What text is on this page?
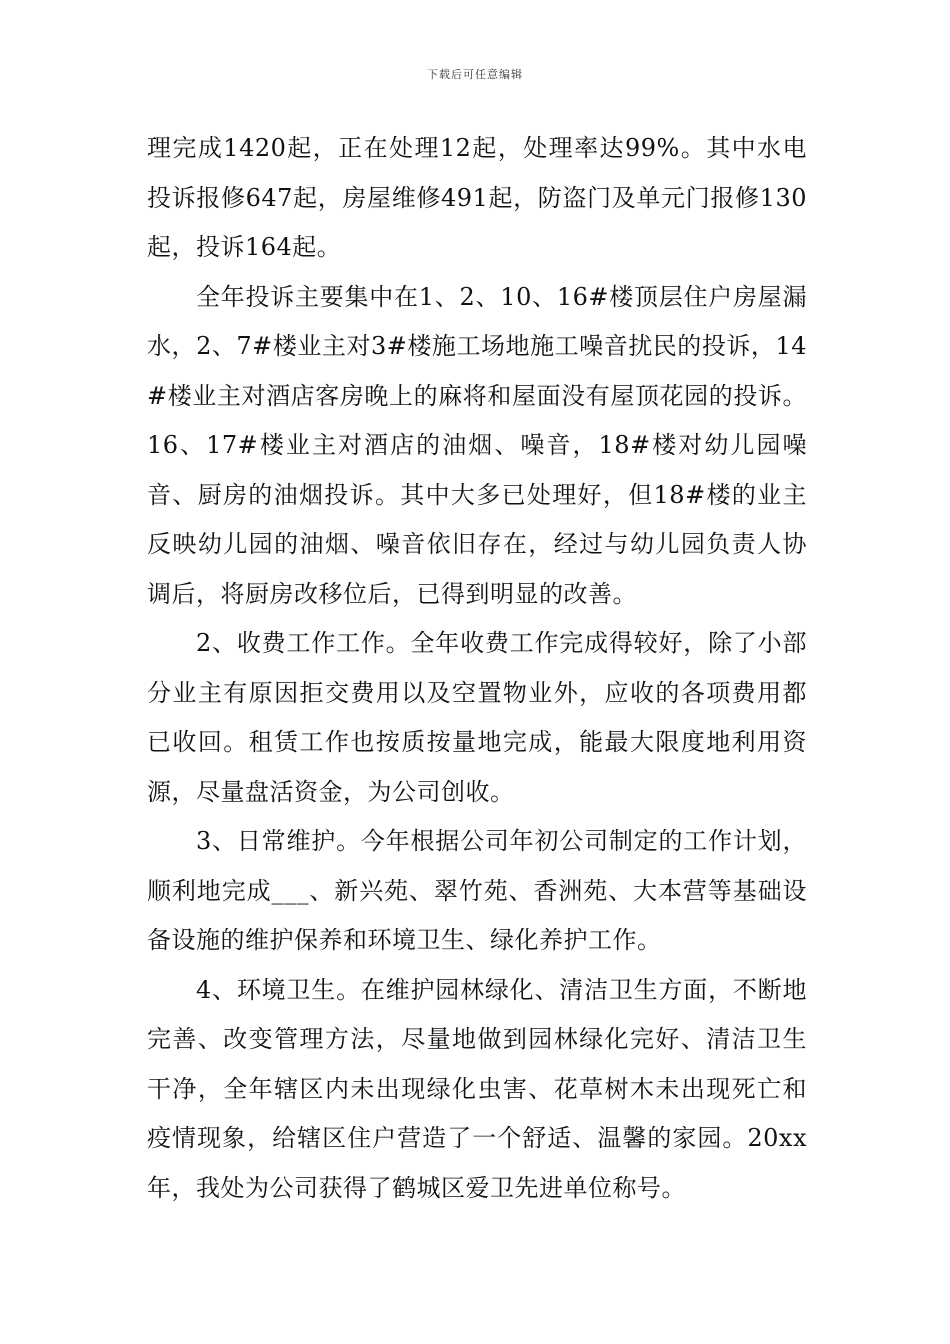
下载后可任意编辑

理完成1420起，正在处理12起，处理率达99%。其中水电投诉报修647起，房屋维修491起，防盗门及单元门报修130起，投诉164起。

全年投诉主要集中在1、2、10、16#楼顶层住户房屋漏水，2、7#楼业主对3#楼施工场地施工噪音扰民的投诉，14#楼业主对酒店客房晚上的麻将和屋面没有屋顶花园的投诉。16、17#楼业主对酒店的油烟、噪音，18#楼对幼儿园噪音、厨房的油烟投诉。其中大多已处理好，但18#楼的业主反映幼儿园的油烟、噪音依旧存在，经过与幼儿园负责人协调后，将厨房改移位后，已得到明显的改善。

2、收费工作工作。全年收费工作完成得较好，除了小部分业主有原因拒交费用以及空置物业外，应收的各项费用都已收回。租赁工作也按质按量地完成，能最大限度地利用资源，尽量盘活资金，为公司创收。

3、日常维护。今年根据公司年初公司制定的工作计划，顺利地完成___、新兴苑、翠竹苑、香洲苑、大本营等基础设备设施的维护保养和环境卫生、绿化养护工作。

4、环境卫生。在维护园林绿化、清洁卫生方面，不断地完善、改变管理方法，尽量地做到园林绿化完好、清洁卫生干净，全年辖区内未出现绿化虫害、花草树木未出现死亡和疫情现象，给辖区住户营造了一个舒适、温馨的家园。20xx年，我处为公司获得了鹤城区爱卫先进单位称号。
